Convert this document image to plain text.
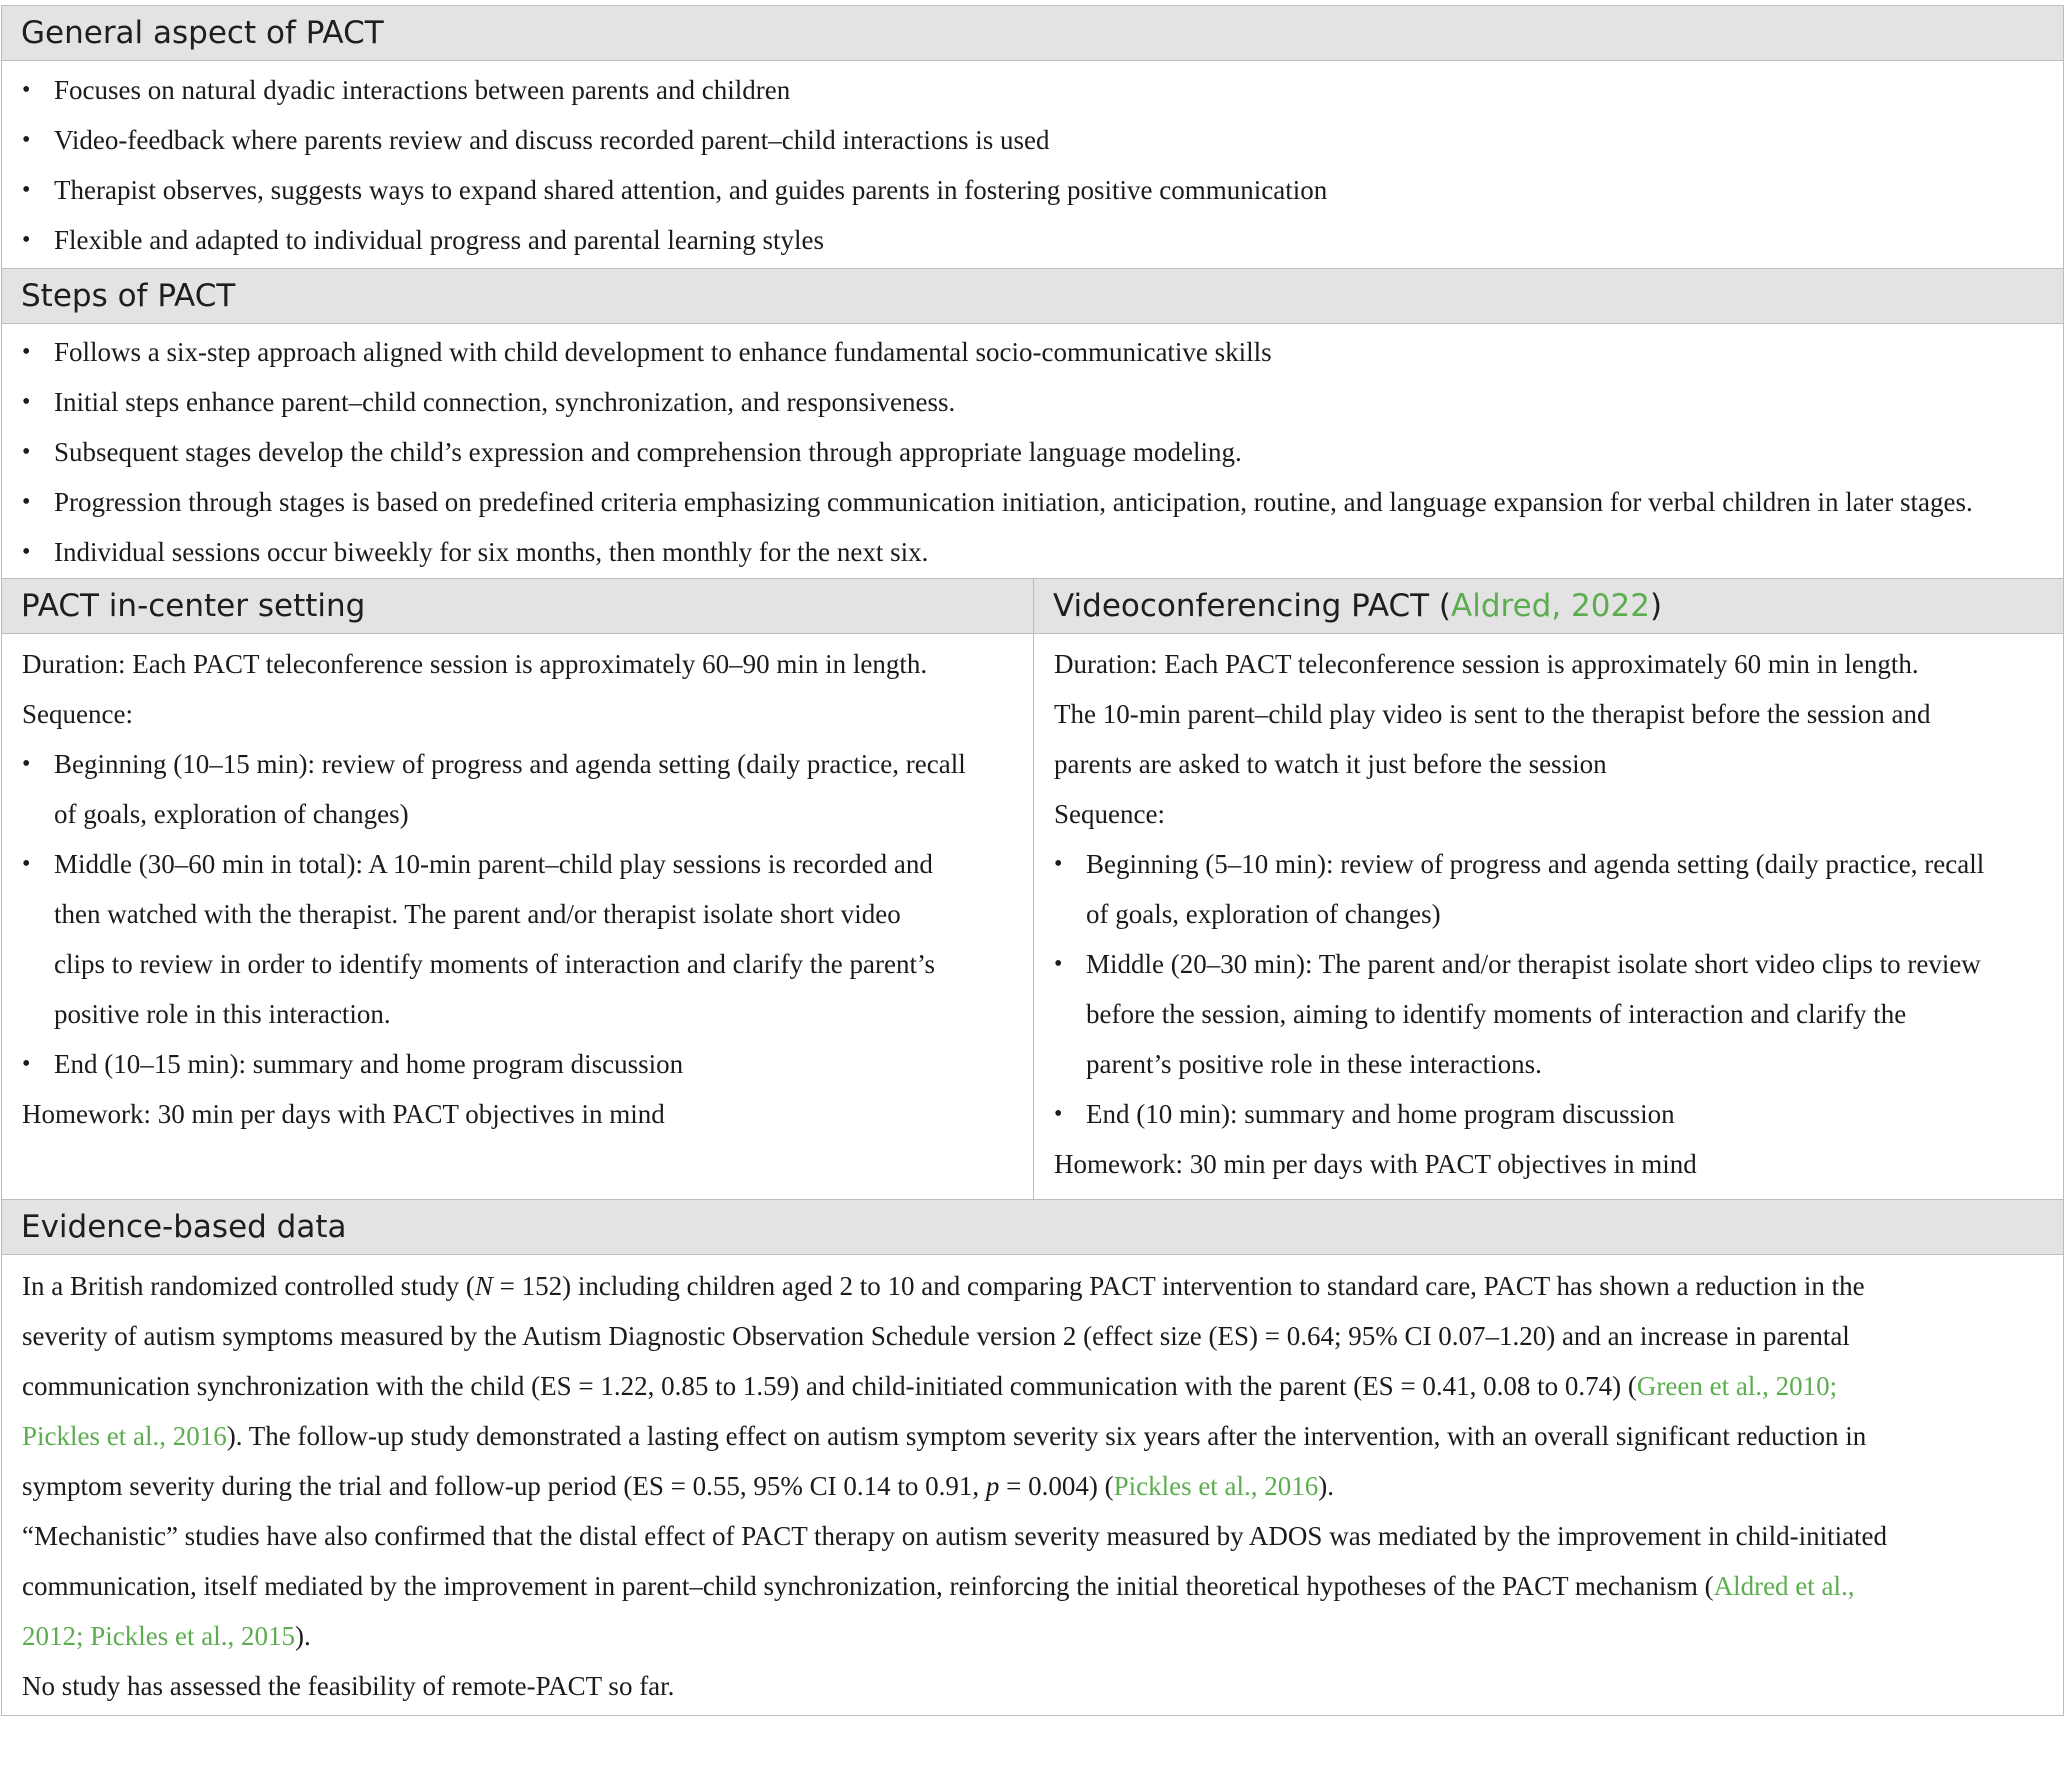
General aspect of PACT
• Focuses on natural dyadic interactions between parents and children
• Video-feedback where parents review and discuss recorded parent–child interactions is used
• Therapist observes, suggests ways to expand shared attention, and guides parents in fostering positive communication
• Flexible and adapted to individual progress and parental learning styles
Steps of PACT
• Follows a six-step approach aligned with child development to enhance fundamental socio-communicative skills
• Initial steps enhance parent–child connection, synchronization, and responsiveness.
• Subsequent stages develop the child’s expression and comprehension through appropriate language modeling.
• Progression through stages is based on predefined criteria emphasizing communication initiation, anticipation, routine, and language expansion for verbal children in later stages.
• Individual sessions occur biweekly for six months, then monthly for the next six.
PACT in-center setting
Duration: Each PACT teleconference session is approximately 60–90 min in length.
Sequence:
• Beginning (10–15 min): review of progress and agenda setting (daily practice, recall
of goals, exploration of changes)
• Middle (30–60 min in total): A 10-min parent–child play sessions is recorded and
then watched with the therapist. The parent and/or therapist isolate short video
clips to review in order to identify moments of interaction and clarify the parent’s
positive role in this interaction.
• End (10–15 min): summary and home program discussion
Homework: 30 min per days with PACT objectives in mind
Videoconferencing PACT (Aldred, 2022)
Duration: Each PACT teleconference session is approximately 60 min in length.
The 10-min parent–child play video is sent to the therapist before the session and
parents are asked to watch it just before the session
Sequence:
• Beginning (5–10 min): review of progress and agenda setting (daily practice, recall
of goals, exploration of changes)
• Middle (20–30 min): The parent and/or therapist isolate short video clips to review
before the session, aiming to identify moments of interaction and clarify the
parent’s positive role in these interactions.
• End (10 min): summary and home program discussion
Homework: 30 min per days with PACT objectives in mind
Evidence-based data
In a British randomized controlled study (N = 152) including children aged 2 to 10 and comparing PACT intervention to standard care, PACT has shown a reduction in the
severity of autism symptoms measured by the Autism Diagnostic Observation Schedule version 2 (effect size (ES) = 0.64; 95% CI 0.07–1.20) and an increase in parental
communication synchronization with the child (ES = 1.22, 0.85 to 1.59) and child-initiated communication with the parent (ES = 0.41, 0.08 to 0.74) (Green et al., 2010;
Pickles et al., 2016). The follow-up study demonstrated a lasting effect on autism symptom severity six years after the intervention, with an overall significant reduction in
symptom severity during the trial and follow-up period (ES = 0.55, 95% CI 0.14 to 0.91, p = 0.004) (Pickles et al., 2016).
“Mechanistic” studies have also confirmed that the distal effect of PACT therapy on autism severity measured by ADOS was mediated by the improvement in child-initiated
communication, itself mediated by the improvement in parent–child synchronization, reinforcing the initial theoretical hypotheses of the PACT mechanism (Aldred et al.,
2012; Pickles et al., 2015).
No study has assessed the feasibility of remote-PACT so far.
